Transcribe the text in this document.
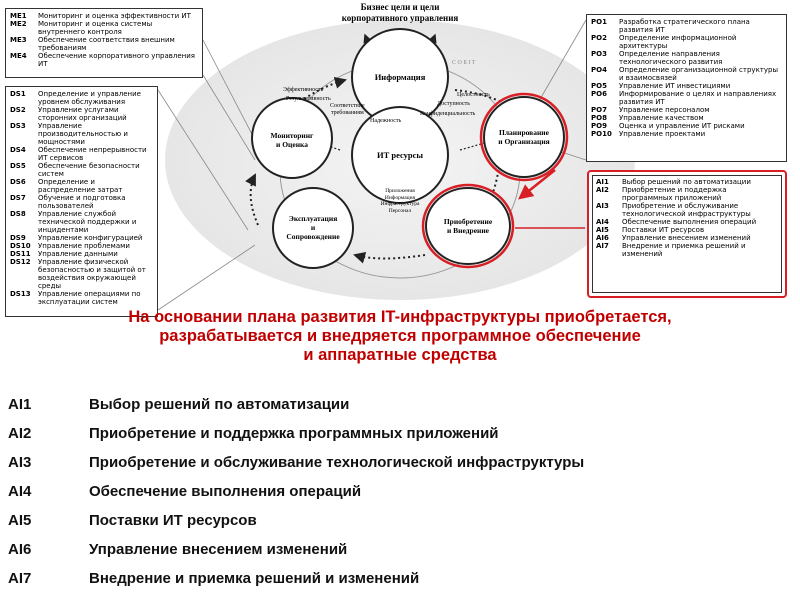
Бизнес цели и цели
корпоративного управления
С О Б І Т
Информация
ИТ ресурсы
Мониторинг
и Оценка
Эксплуатация
и
Сопровождение
Планирование
и Организация
Приобретение
и Внедрение
Эффективность
Результативность
Соответствие
требованиям
Надежность
Целостность
Доступность
Конфиденциальность
Приложения
Информация
Инфраструктура
Персонал
ME1	Мониторинг и оценка эффективности ИТ
ME2	Мониторинг и оценка системы внутреннего контроля
ME3	Обеспечение соответствия внешним требованиям
ME4	Обеспечение корпоративного управления ИТ
DS1	Определение и управление уровнем обслуживания
DS2	Управление услугами сторонних организаций
DS3	Управление производительностью и мощностями
DS4	Обеспечение непрерывности ИТ сервисов
DS5	Обеспечение безопасности систем
DS6	Определение и распределение затрат
DS7	Обучение и подготовка пользователей
DS8	Управление службой технической поддержки и инцидентами
DS9	Управление конфигурацией
DS10	Управление проблемами
DS11	Управление данными
DS12	Управление физической безопасностью и защитой от воздействия окружающей среды
DS13	Управление операциями по эксплуатации систем
PO1	Разработка стратегического плана развития ИТ
PO2	Определение информационной архитектуры
PO3	Определение направления технологического развития
PO4	Определение организационной структуры и взаимосвязей
PO5	Управление ИТ инвестициями
PO6	Информирование о целях и направлениях развития ИТ
PO7	Управление персоналом
PO8	Управление качеством
PO9	Оценка и управление ИТ рисками
PO10	Управление проектами
AI1	Выбор решений по автоматизации
AI2	Приобретение и поддержка программных приложений
AI3	Приобретение и обслуживание технологической инфраструктуры
AI4	Обеспечение выполнения операций
AI5	Поставки ИТ ресурсов
AI6	Управление внесением изменений
AI7	Внедрение и приемка решений и изменений
На основании плана развития IT-инфраструктуры приобретается,
разрабатывается и внедряется программное обеспечение
и аппаратные средства
AI1	Выбор решений по автоматизации
AI2	Приобретение и поддержка программных приложений
AI3	Приобретение и обслуживание технологической инфраструктуры
AI4	Обеспечение выполнения операций
AI5	Поставки ИТ ресурсов
AI6	Управление внесением изменений
AI7	Внедрение и приемка решений и изменений
